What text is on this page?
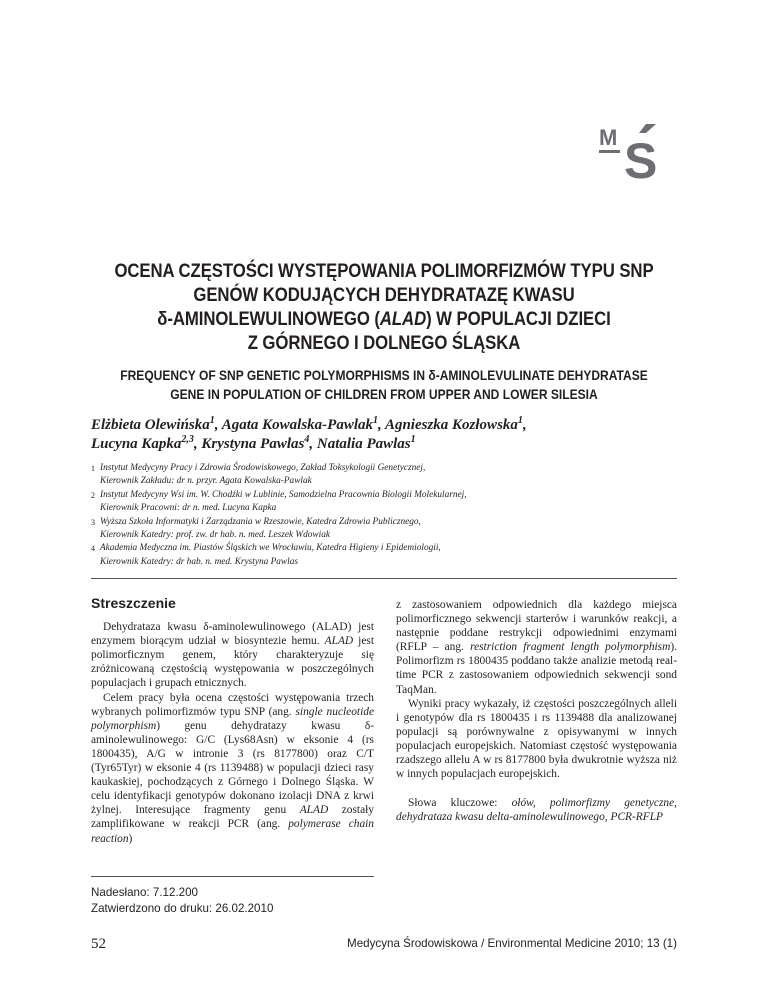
M S
OCENA CZĘSTOŚCI WYSTĘPOWANIA POLIMORFIZMÓW TYPU SNP
GENÓW KODUJĄCYCH DEHYDRATAZĘ KWASU
δ-AMINOLEWULINOWEGO (ALAD) W POPULACJI DZIECI
Z GÓRNEGO I DOLNEGO ŚLĄSKA
FREQUENCY OF SNP GENETIC POLYMORPHISMS IN δ-AMINOLEVULINATE DEHYDRATASE
GENE IN POPULATION OF CHILDREN FROM UPPER AND LOWER SILESIA
Elżbieta Olewińska$^1$, Agata Kowalska-Pawlak$^1$, Agnieszka Kozłowska$^1$,
Lucyna Kapka$^{2,3}$, Krystyna Pawlas$^4$, Natalia Pawlas$^1$
1 Instytut Medycyny Pracy i Zdrowia Środowiskowego, Zakład Toksykologii Genetycznej,
Kierownik Zakładu: dr n. przyr. Agata Kowalska-Pawlak
2 Instytut Medycyny Wsi im. W. Chodźki w Lublinie, Samodzielna Pracownia Biologii Molekularnej,
Kierownik Pracowni: dr n. med. Lucyna Kapka
3 Wyższa Szkoła Informatyki i Zarządzania w Rzeszowie, Katedra Zdrowia Publicznego,
Kierownik Katedry: prof. zw. dr hab. n. med. Leszek Wdowiak
4 Akademia Medyczna im. Piastów Śląskich we Wrocławiu, Katedra Higieny i Epidemiologii,
Kierownik Katedry: dr hab. n. med. Krystyna Pawlas
Streszczenie

Dehydrataza kwasu δ-aminolewulinowego (ALAD) jest enzymem biorącym udział w biosyntezie hemu. ALAD jest polimorficznym genem, który charakteryzuje się zróżnicowaną częstością występowania w poszczególnych populacjach i grupach etnicznych.

Celem pracy była ocena częstości występowania trzech wybranych polimorfizmów typu SNP (ang. single nucleotide polymorphism) genu dehydratazy kwasu δ-aminolewulinowego: G/C (Lys68Asn) w eksonie 4 (rs 1800435), A/G w intronie 3 (rs 8177800) oraz C/T (Tyr65Tyr) w eksonie 4 (rs 1139488) w populacji dzieci rasy kaukaskiej, pochodzących z Górnego i Dolnego Śląska. W celu identyfikacji genotypów dokonano izolacji DNA z krwi żylnej. Interesujące fragmenty genu ALAD zostały zamplifikowane w reakcji PCR (ang. polymerase chain reaction)

z zastosowaniem odpowiednich dla każdego miejsca polimorficznego sekwencji starterów i warunków reakcji, a następnie poddane restrykcji odpowiednimi enzymami (RFLP – ang. restriction fragment length polymorphism). Polimorfizm rs 1800435 poddano także analizie metodą real-time PCR z zastosowaniem odpowiednich sekwencji sond TaqMan.

Wyniki pracy wykazały, iż częstości poszczególnych alleli i genotypów dla rs 1800435 i rs 1139488 dla analizowanej populacji są porównywalne z opisywanymi w innych populacjach europejskich. Natomiast częstość występowania rzadszego allelu A w rs 8177800 była dwukrotnie wyższa niż w innych populacjach europejskich.

Słowa kluczowe: ołów, polimorfizmy genetyczne, dehydrataza kwasu delta-aminolewulinowego, PCR-RFLP

Nadesłano: 7.12.200
Zatwierdzono do druku: 26.02.2010
52	Medycyna Środowiskowa / Environmental Medicine 2010; 13 (1)
